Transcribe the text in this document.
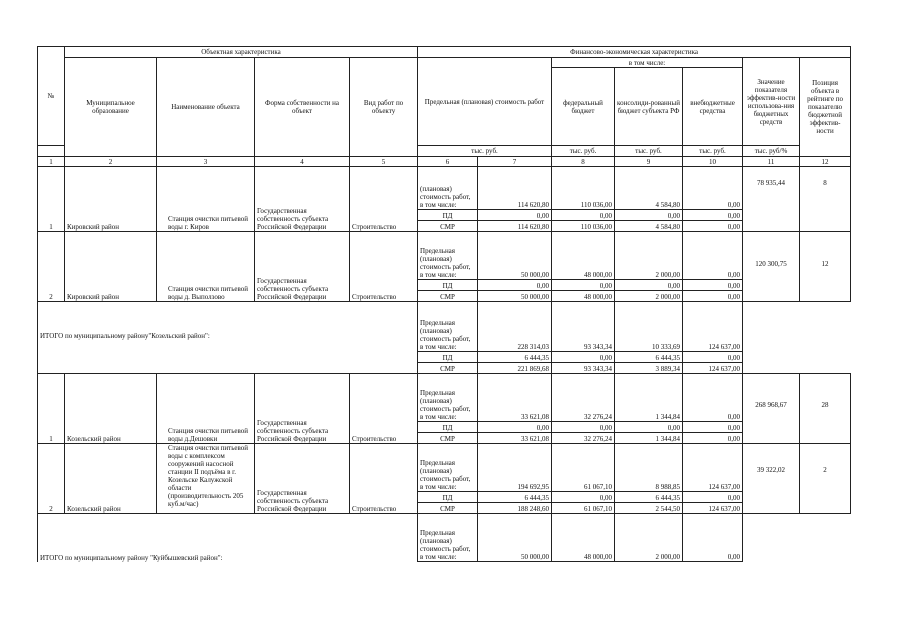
№	Объектная характеристика				Финансово-экономическая характеристика						
	Муниципальное образование	Наименование объекта	Форма собственности на объект	Вид работ по объекту	Предельная (плановая) стоимость работ		в том числе:			Значение показателя эффектив-ности использова-ния бюджетных средств	Позиция объекта в рейтинге по показателю бюджетной эффектив-ности
							федеральный бюджет	консолиди-рованный бюджет субъекта РФ	внебюджетные средства		
					тыс. руб.		тыс. руб.	тыс. руб.	тыс. руб.	тыс. руб/%	
1	2	3	4	5	6	7	8	9	10	11	12
1	Кировский район	Станция очистки питьевой воды г. Киров	Государственная собственность субъекта Российской Федерации	Строительство	(плановая) стоимость работ, в том числе:	114 620,80	110 036,00	4 584,80	0,00	78 935,44	8
					ПД	0,00	0,00	0,00	0,00		
					СМР	114 620,80	110 036,00	4 584,80	0,00		
2	Кировский район	Станция очистки питьевой воды д. Выползово	Государственная собственность субъекта Российской Федерации	Строительство	Предельная (плановая) стоимость работ, в том числе:	50 000,00	48 000,00	2 000,00	0,00	120 300,75	12
					ПД	0,00	0,00	0,00	0,00		
					СМР	50 000,00	48 000,00	2 000,00	0,00		
ИТОГО по муниципальному району"Козельский район":					Предельная (плановая) стоимость работ, в том числе:	228 314,03	93 343,34	10 333,69	124 637,00		
					ПД	6 444,35	0,00	6 444,35	0,00		
					СМР	221 869,68	93 343,34	3 889,34	124 637,00		
1	Козельский район	Станция очистки питьевой воды д.Дешовки	Государственная собственность субъекта Российской Федерации	Строительство	Предельная (плановая) стоимость работ, в том числе:	33 621,08	32 276,24	1 344,84	0,00	268 968,67	28
					ПД	0,00	0,00	0,00	0,00		
					СМР	33 621,08	32 276,24	1 344,84	0,00		
2	Козельский район	Станция очистки питьевой воды с комплексом сооружений насосной станции II подъёма в г. Козельске Калужской области (производительность 205 куб.м/час)	Государственная собственность субъекта Российской Федерации	Строительство	Предельная (плановая) стоимость работ, в том числе:	194 692,95	61 067,10	8 988,85	124 637,00	39 322,02	2
					ПД	6 444,35	0,00	6 444,35	0,00		
					СМР	188 248,60	61 067,10	2 544,50	124 637,00		
ИТОГО по муниципальному району "Куйбышевский район":					Предельная (плановая) стоимость работ, в том числе:	50 000,00	48 000,00	2 000,00	0,00		
